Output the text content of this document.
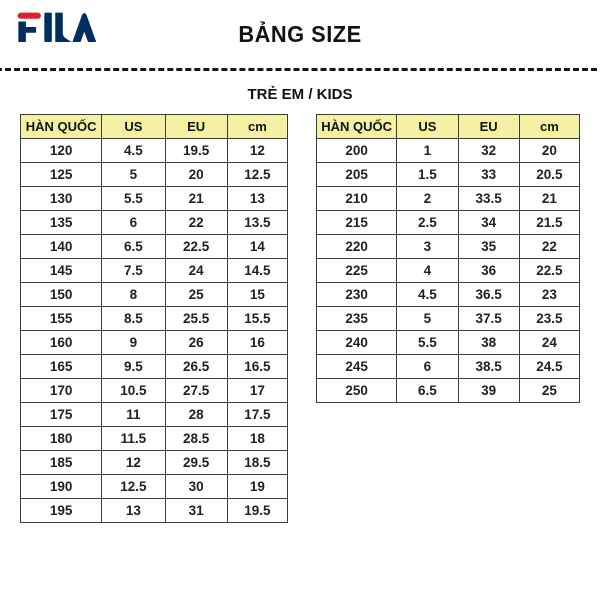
BẢNG SIZE
TRẺ EM / KIDS
HÀN QUỐC	US	EU	cm
120	4.5	19.5	12
125	5	20	12.5
130	5.5	21	13
135	6	22	13.5
140	6.5	22.5	14
145	7.5	24	14.5
150	8	25	15
155	8.5	25.5	15.5
160	9	26	16
165	9.5	26.5	16.5
170	10.5	27.5	17
175	11	28	17.5
180	11.5	28.5	18
185	12	29.5	18.5
190	12.5	30	19
195	13	31	19.5
HÀN QUỐC	US	EU	cm
200	1	32	20
205	1.5	33	20.5
210	2	33.5	21
215	2.5	34	21.5
220	3	35	22
225	4	36	22.5
230	4.5	36.5	23
235	5	37.5	23.5
240	5.5	38	24
245	6	38.5	24.5
250	6.5	39	25
